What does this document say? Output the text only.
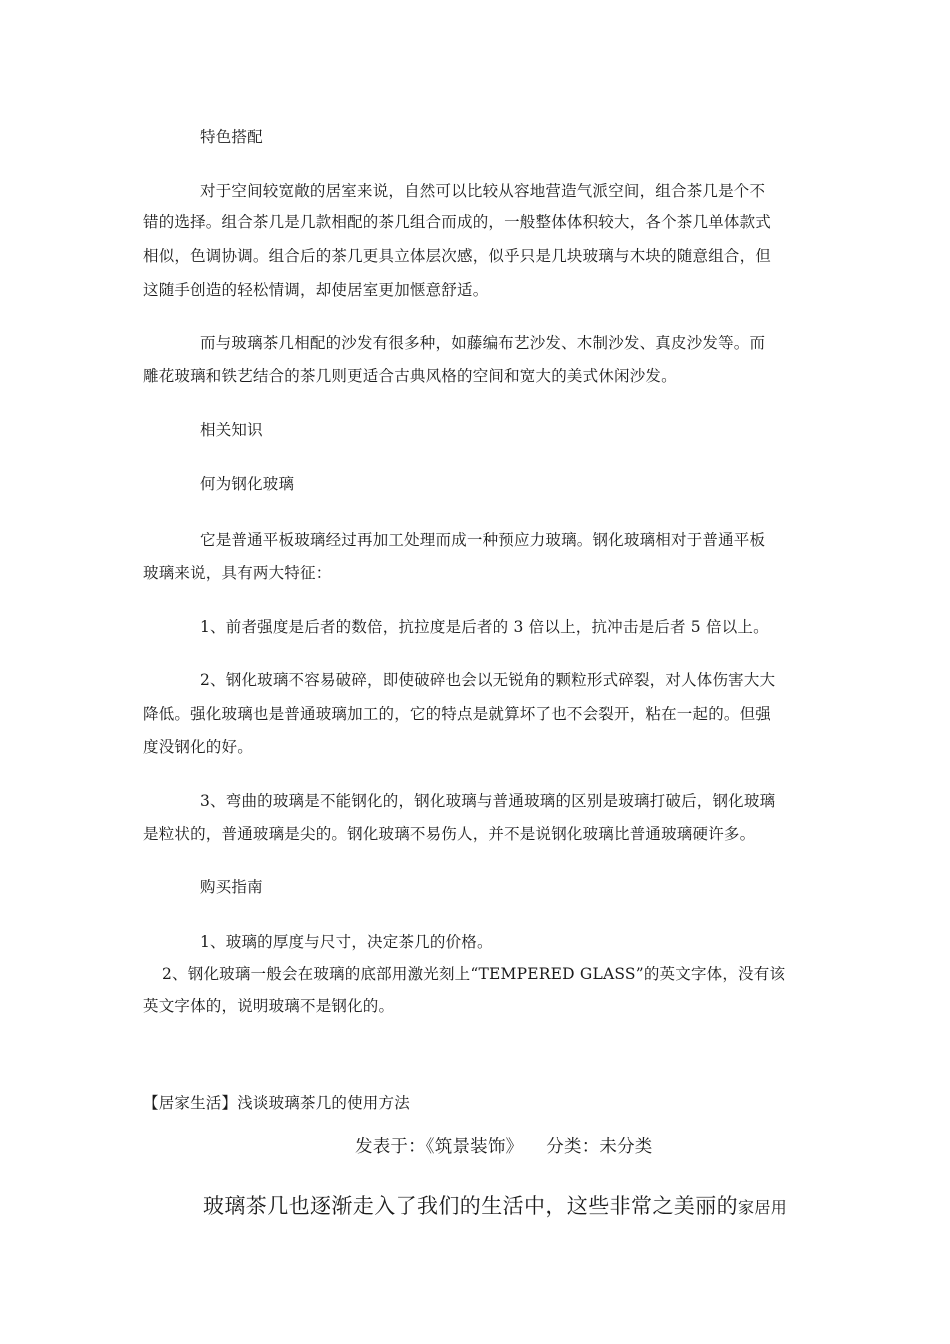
特色搭配
对于空间较宽敞的居室来说，自然可以比较从容地营造气派空间，组合茶几是个不
错的选择。组合茶几是几款相配的茶几组合而成的，一般整体体积较大，各个茶几单体款式
相似，色调协调。组合后的茶几更具立体层次感，似乎只是几块玻璃与木块的随意组合，但
这随手创造的轻松情调，却使居室更加惬意舒适。
而与玻璃茶几相配的沙发有很多种，如藤编布艺沙发、木制沙发、真皮沙发等。而
雕花玻璃和铁艺结合的茶几则更适合古典风格的空间和宽大的美式休闲沙发。
相关知识
何为钢化玻璃
它是普通平板玻璃经过再加工处理而成一种预应力玻璃。钢化玻璃相对于普通平板
玻璃来说，具有两大特征：
1、前者强度是后者的数倍，抗拉度是后者的 3 倍以上，抗冲击是后者 5 倍以上。
2、钢化玻璃不容易破碎，即使破碎也会以无锐角的颗粒形式碎裂，对人体伤害大大
降低。强化玻璃也是普通玻璃加工的，它的特点是就算坏了也不会裂开，粘在一起的。但强
度没钢化的好。
3、弯曲的玻璃是不能钢化的，钢化玻璃与普通玻璃的区别是玻璃打破后，钢化玻璃
是粒状的，普通玻璃是尖的。钢化玻璃不易伤人，并不是说钢化玻璃比普通玻璃硬许多。
购买指南
1、玻璃的厚度与尺寸，决定茶几的价格。
2、钢化玻璃一般会在玻璃的底部用激光刻上“TEMPERED GLASS”的英文字体，没有该
英文字体的，说明玻璃不是钢化的。
【居家生活】浅谈玻璃茶几的使用方法
发表于：《筑景装饰》    分类：未分类
玻璃茶几也逐渐走入了我们的生活中，这些非常之美丽的家居用
